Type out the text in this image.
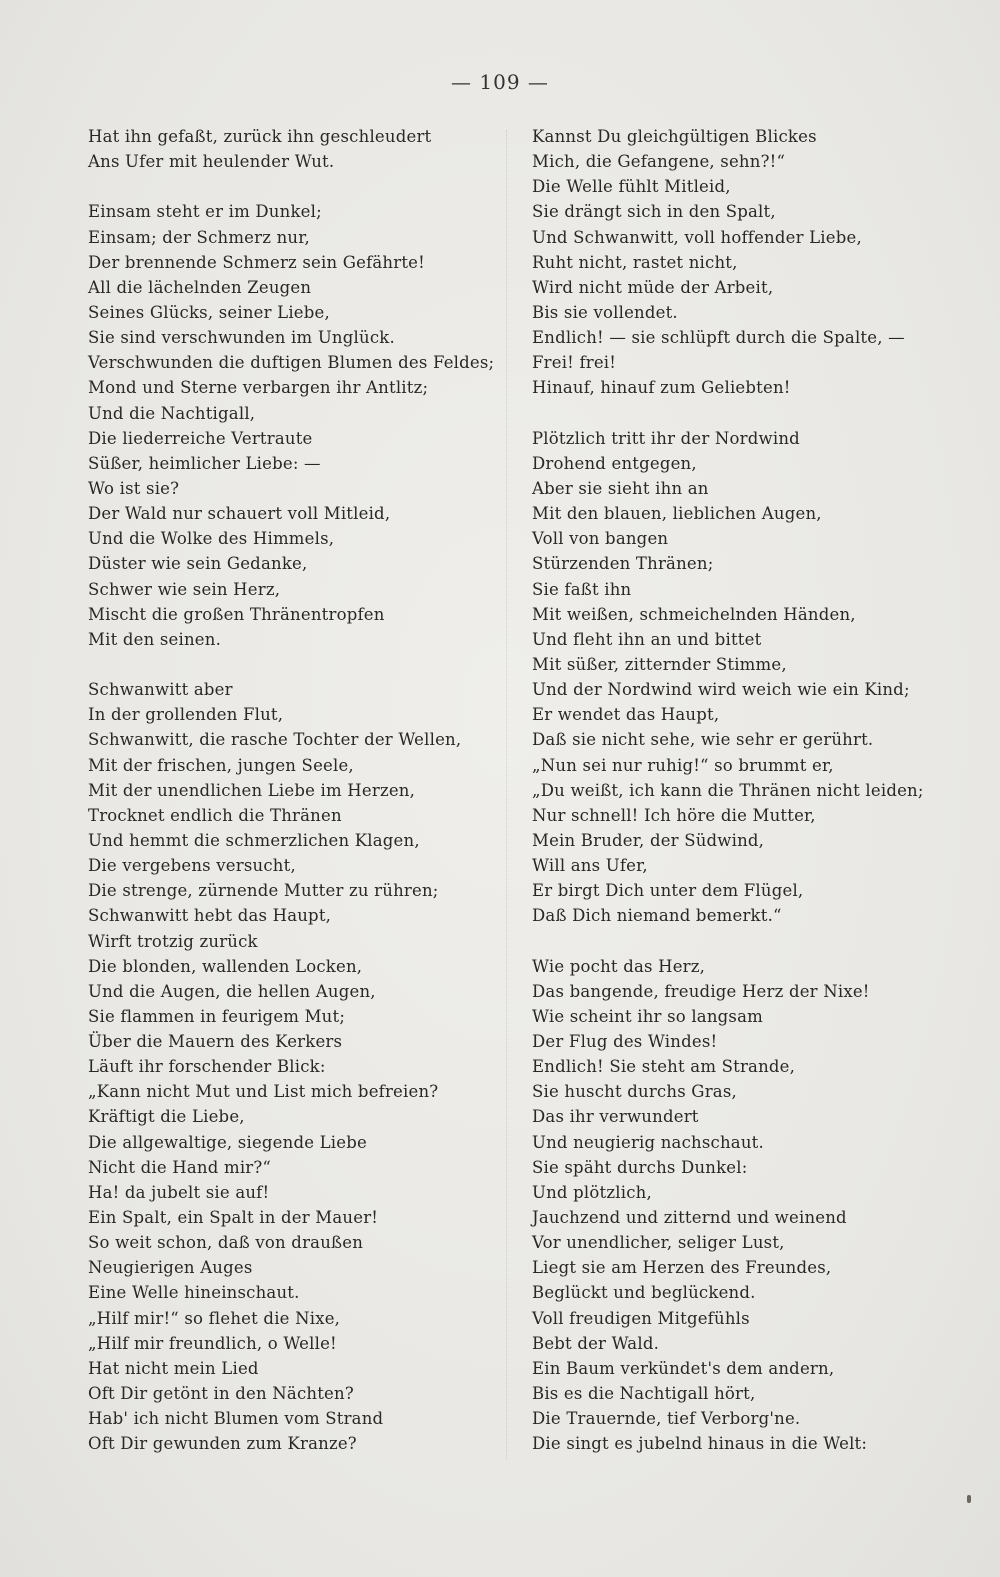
— 109 —
Hat ihn gefaßt, zurück ihn geschleudert
Ans Ufer mit heulender Wut.
Einsam steht er im Dunkel;
Einsam; der Schmerz nur,
Der brennende Schmerz sein Gefährte!
All die lächelnden Zeugen
Seines Glücks, seiner Liebe,
Sie sind verschwunden im Unglück.
Verschwunden die duftigen Blumen des Feldes;
Mond und Sterne verbargen ihr Antlitz;
Und die Nachtigall,
Die liederreiche Vertraute
Süßer, heimlicher Liebe: —
Wo ist sie?
Der Wald nur schauert voll Mitleid,
Und die Wolke des Himmels,
Düster wie sein Gedanke,
Schwer wie sein Herz,
Mischt die großen Thränentropfen
Mit den seinen.
Schwanwitt aber
In der grollenden Flut,
Schwanwitt, die rasche Tochter der Wellen,
Mit der frischen, jungen Seele,
Mit der unendlichen Liebe im Herzen,
Trocknet endlich die Thränen
Und hemmt die schmerzlichen Klagen,
Die vergebens versucht,
Die strenge, zürnende Mutter zu rühren;
Schwanwitt hebt das Haupt,
Wirft trotzig zurück
Die blonden, wallenden Locken,
Und die Augen, die hellen Augen,
Sie flammen in feurigem Mut;
Über die Mauern des Kerkers
Läuft ihr forschender Blick:
„Kann nicht Mut und List mich befreien?
Kräftigt die Liebe,
Die allgewaltige, siegende Liebe
Nicht die Hand mir?“
Ha! da jubelt sie auf!
Ein Spalt, ein Spalt in der Mauer!
So weit schon, daß von draußen
Neugierigen Auges
Eine Welle hineinschaut.
„Hilf mir!“ so flehet die Nixe,
„Hilf mir freundlich, o Welle!
Hat nicht mein Lied
Oft Dir getönt in den Nächten?
Hab' ich nicht Blumen vom Strand
Oft Dir gewunden zum Kranze?
Kannst Du gleichgültigen Blickes
Mich, die Gefangene, sehn?!“
Die Welle fühlt Mitleid,
Sie drängt sich in den Spalt,
Und Schwanwitt, voll hoffender Liebe,
Ruht nicht, rastet nicht,
Wird nicht müde der Arbeit,
Bis sie vollendet.
Endlich! — sie schlüpft durch die Spalte, —
Frei! frei!
Hinauf, hinauf zum Geliebten!
Plötzlich tritt ihr der Nordwind
Drohend entgegen,
Aber sie sieht ihn an
Mit den blauen, lieblichen Augen,
Voll von bangen
Stürzenden Thränen;
Sie faßt ihn
Mit weißen, schmeichelnden Händen,
Und fleht ihn an und bittet
Mit süßer, zitternder Stimme,
Und der Nordwind wird weich wie ein Kind;
Er wendet das Haupt,
Daß sie nicht sehe, wie sehr er gerührt.
„Nun sei nur ruhig!“ so brummt er,
„Du weißt, ich kann die Thränen nicht leiden;
Nur schnell! Ich höre die Mutter,
Mein Bruder, der Südwind,
Will ans Ufer,
Er birgt Dich unter dem Flügel,
Daß Dich niemand bemerkt.“
Wie pocht das Herz,
Das bangende, freudige Herz der Nixe!
Wie scheint ihr so langsam
Der Flug des Windes!
Endlich! Sie steht am Strande,
Sie huscht durchs Gras,
Das ihr verwundert
Und neugierig nachschaut.
Sie späht durchs Dunkel:
Und plötzlich,
Jauchzend und zitternd und weinend
Vor unendlicher, seliger Lust,
Liegt sie am Herzen des Freundes,
Beglückt und beglückend.
Voll freudigen Mitgefühls
Bebt der Wald.
Ein Baum verkündet's dem andern,
Bis es die Nachtigall hört,
Die Trauernde, tief Verborg'ne.
Die singt es jubelnd hinaus in die Welt:
